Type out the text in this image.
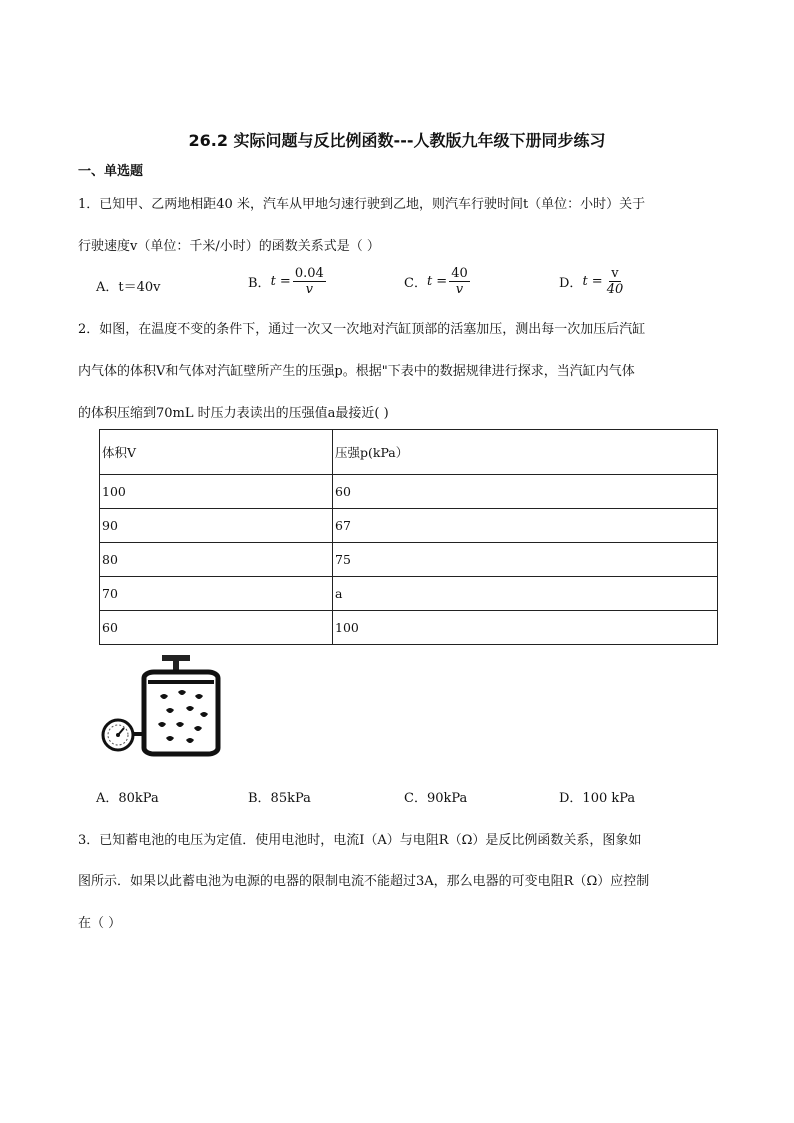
26.2 实际问题与反比例函数---人教版九年级下册同步练习
一、单选题
1．已知甲、乙两地相距40 米，汽车从甲地匀速行驶到乙地，则汽车行驶时间t（单位：小时）关于
行驶速度v（单位：千米/小时）的函数关系式是（ ）
A．t＝40v	B． $t = \frac{0.04}{v}$	C． $t = \frac{40}{v}$	D． $t = \frac{v}{40}$
2．如图，在温度不变的条件下，通过一次又一次地对汽缸顶部的活塞加压，测出每一次加压后汽缸
内气体的体积V和气体对汽缸壁所产生的压强p。根据"下表中的数据规律进行探求，当汽缸内气体
的体积压缩到70mL 时压力表读出的压强值a最接近( )
体积V	压强p(kPa）
100	60
90	67
80	75
70	a
60	100
A．80kPa	B．85kPa	C．90kPa	D．100 kPa
3．已知蓄电池的电压为定值．使用电池时，电流I（A）与电阻R（Ω）是反比例函数关系，图象如
图所示．如果以此蓄电池为电源的电器的限制电流不能超过3A，那么电器的可变电阻R（Ω）应控制
在（ ）
